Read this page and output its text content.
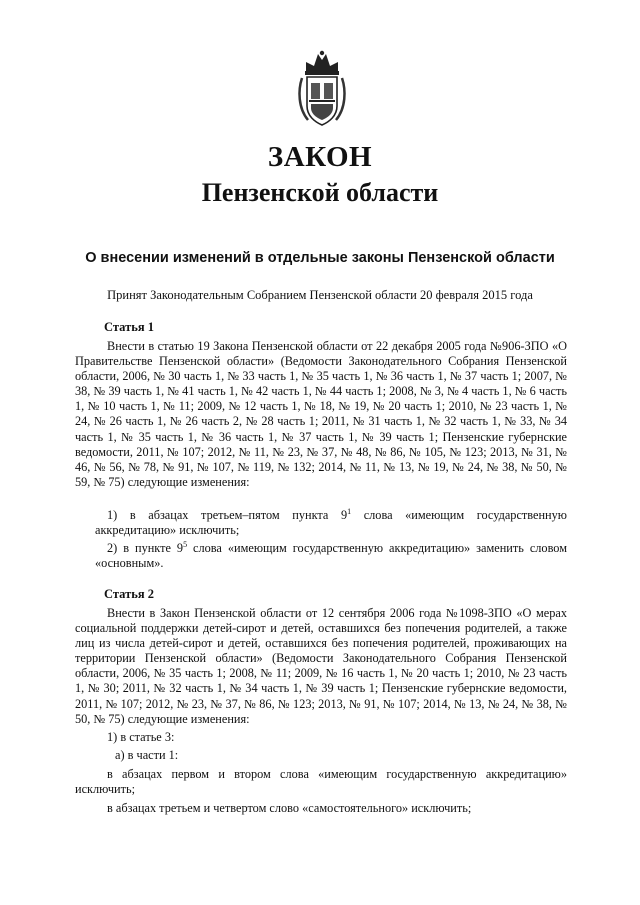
ЗАКОН
Пензенской области
О внесении изменений в отдельные законы Пензенской области
Принят Законодательным Собранием Пензенской области 20 февраля 2015 года
Статья 1

Внести в статью 19 Закона Пензенской области от 22 декабря 2005 года №906-ЗПО «О Правительстве Пензенской области» (Ведомости Законодательного Собрания Пензенской области, 2006, № 30 часть 1, № 33 часть 1, № 35 часть 1, № 36 часть 1, № 37 часть 1; 2007, № 38, № 39 часть 1, № 41 часть 1, № 42 часть 1, № 44 часть 1; 2008, № 3, № 4 часть 1, № 6 часть 1, № 10 часть 1, № 11; 2009, № 12 часть 1, № 18, № 19, № 20 часть 1; 2010, № 23 часть 1, № 24, № 26 часть 1, № 26 часть 2, № 28 часть 1; 2011, № 31 часть 1, № 32 часть 1, № 33, № 34 часть 1, № 35 часть 1, № 36 часть 1, № 37 часть 1, № 39 часть 1; Пензенские губернские ведомости, 2011, № 107; 2012, № 11, № 23, № 37, № 48, № 86, № 105, № 123; 2013, № 31, № 46, № 56, № 78, № 91, № 107, № 119, № 132; 2014, № 11, № 13, № 19, № 24, № 38, № 50, № 59, № 75) следующие изменения:

1) в абзацах третьем–пятом пункта $9^1$ слова «имеющим государственную аккредитацию» исключить;

2) в пункте $9^5$ слова «имеющим государственную аккредитацию» заменить словом «основным».

Статья 2

Внести в Закон Пензенской области от 12 сентября 2006 года №1098-ЗПО «О мерах социальной поддержки детей-сирот и детей, оставшихся без попечения родителей, а также лиц из числа детей-сирот и детей, оставшихся без попечения родителей, проживающих на территории Пензенской области» (Ведомости Законодательного Собрания Пензенской области, 2006, № 35 часть 1; 2008, № 11; 2009, № 16 часть 1, № 20 часть 1; 2010, № 23 часть 1, № 30; 2011, № 32 часть 1, № 34 часть 1, № 39 часть 1; Пензенские губернские ведомости, 2011, № 107; 2012, № 23, № 37, № 86, № 123; 2013, № 91, № 107; 2014, № 13, № 24, № 38, № 50, № 75) следующие изменения:

1) в статье 3:

а) в части 1:

в абзацах первом и втором слова «имеющим государственную аккредитацию» исключить;

в абзацах третьем и четвертом слово «самостоятельного» исключить;
